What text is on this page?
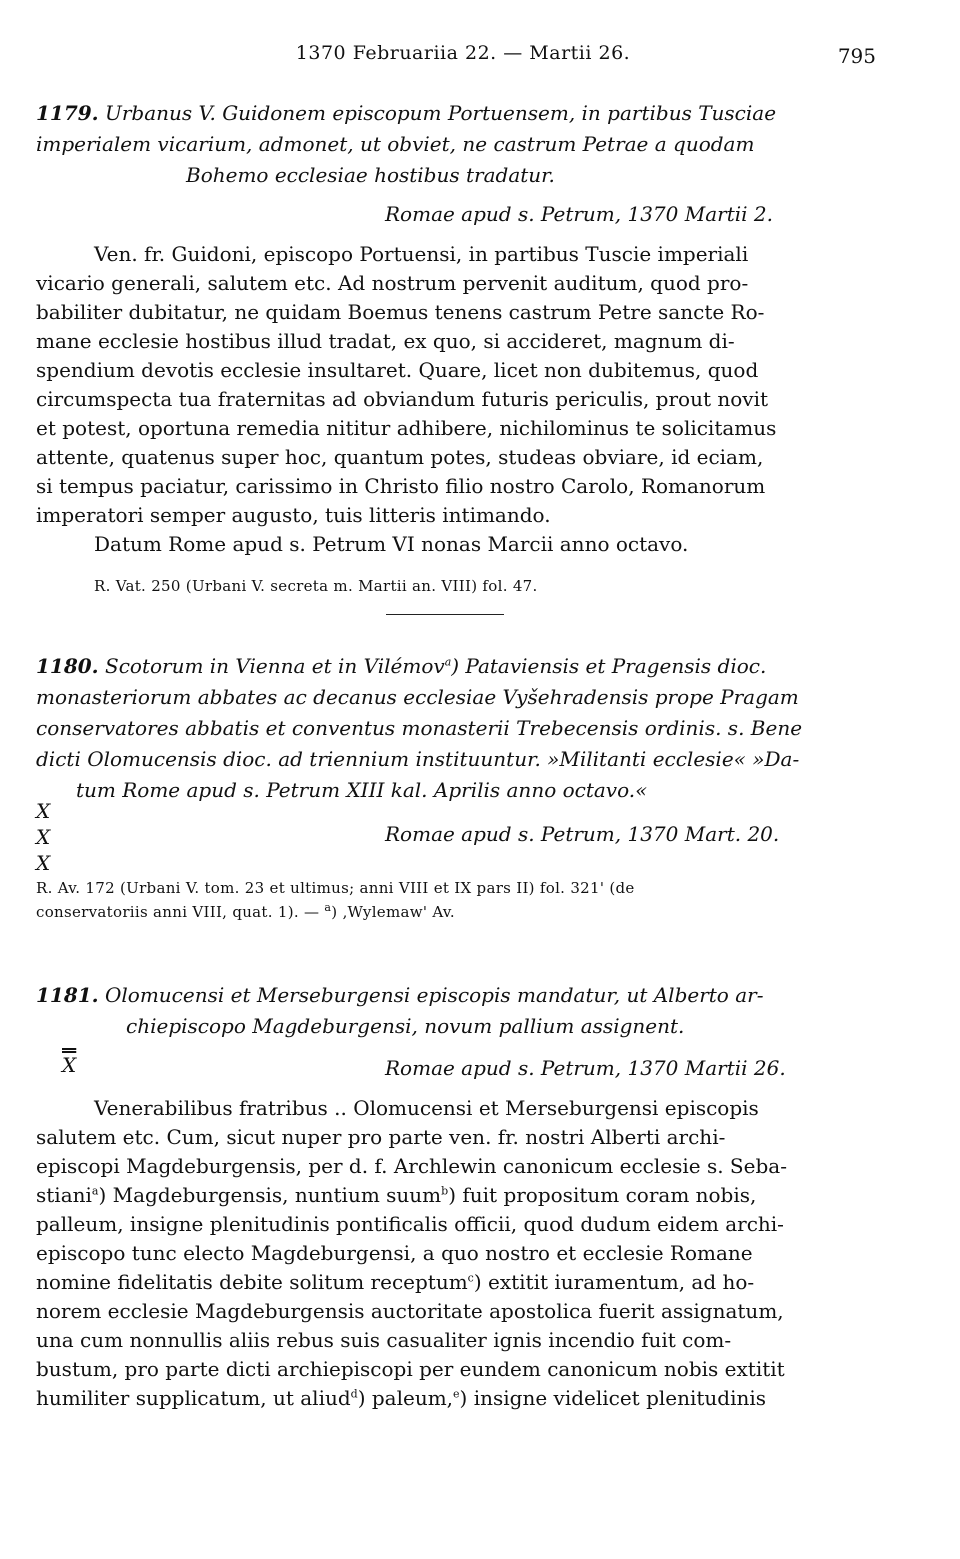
1370 Februariia 22. — Martii 26.	795
1179. Urbanus V. Guidonem episcopum Portuensem, in partibus Tusciae
imperialem vicarium, admonet, ut obviet, ne castrum Petrae a quodam
Bohemo ecclesiae hostibus tradatur.
Romae apud s. Petrum, 1370 Martii 2.
Ven. fr. Guidoni, episcopo Portuensi, in partibus Tuscie imperiali
vicario generali, salutem etc. Ad nostrum pervenit auditum, quod pro-
babiliter dubitatur, ne quidam Boemus tenens castrum Petre sancte Ro-
mane ecclesie hostibus illud tradat, ex quo, si accideret, magnum di-
spendium devotis ecclesie insultaret. Quare, licet non dubitemus, quod
circumspecta tua fraternitas ad obviandum futuris periculis, prout novit
et potest, oportuna remedia nititur adhibere, nichilominus te solicitamus
attente, quatenus super hoc, quantum potes, studeas obviare, id eciam,
si tempus paciatur, carissimo in Christo filio nostro Carolo, Romanorum
imperatori semper augusto, tuis litteris intimando.
Datum Rome apud s. Petrum VI nonas Marcii anno octavo.
R. Vat. 250 (Urbani V. secreta m. Martii an. VIII) fol. 47.
1180. Scotorum in Vienna et in Vilémov$^a$) Pataviensis et Pragensis dioc.
monasteriorum abbates ac decanus ecclesiae Vyšehradensis prope Pragam
conservatores abbatis et conventus monasterii Trebecensis ordinis. s. Bene
dicti Olomucensis dioc. ad triennium instituuntur. »Militanti ecclesie« »Da-
tum Rome apud s. Petrum XIII kal. Aprilis anno octavo.«
X
X
X
Romae apud s. Petrum, 1370 Mart. 20.
R. Av. 172 (Urbani V. tom. 23 et ultimus; anni VIII et IX pars II) fol. 321' (de
conservatoriis anni VIII, quat. 1). — $^a$) ‚Wylemaw' Av.
1181. Olomucensi et Merseburgensi episcopis mandatur, ut Alberto ar-
chiepiscopo Magdeburgensi, novum pallium assignent.
X	Romae apud s. Petrum, 1370 Martii 26.
Venerabilibus fratribus .. Olomucensi et Merseburgensi episcopis
salutem etc. Cum, sicut nuper pro parte ven. fr. nostri Alberti archi-
episcopi Magdeburgensis, per d. f. Archlewin canonicum ecclesie s. Seba-
stiani$^a$) Magdeburgensis, nuntium suum$^b$) fuit propositum coram nobis,
palleum, insigne plenitudinis pontificalis officii, quod dudum eidem archi-
episcopo tunc electo Magdeburgensi, a quo nostro et ecclesie Romane
nomine fidelitatis debite solitum receptum$^c$) extitit iuramentum, ad ho-
norem ecclesie Magdeburgensis auctoritate apostolica fuerit assignatum,
una cum nonnullis aliis rebus suis casualiter ignis incendio fuit com-
bustum, pro parte dicti archiepiscopi per eundem canonicum nobis extitit
humiliter supplicatum, ut aliud$^d$) paleum,$^e$) insigne videlicet plenitudinis
